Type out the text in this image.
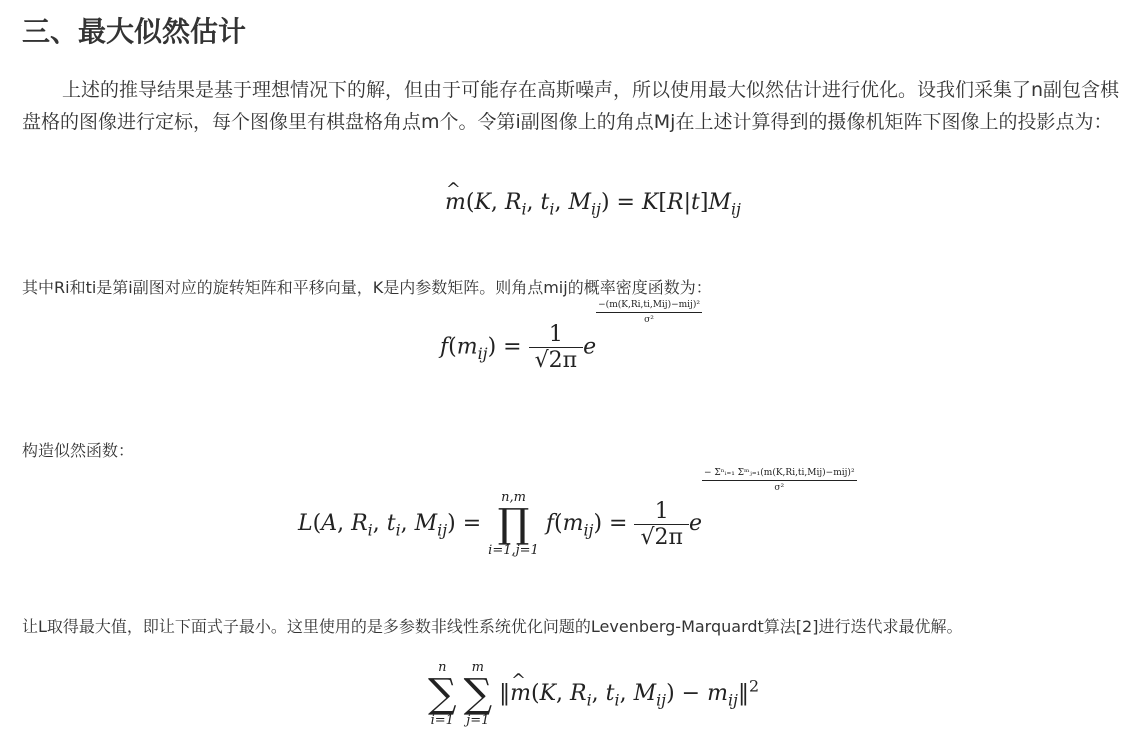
三、最大似然估计

上述的推导结果是基于理想情况下的解，但由于可能存在高斯噪声，所以使用最大似然估计进行优化。设我们采集了n副包含棋盘格的图像进行定标，每个图像里有棋盘格角点m个。令第i副图像上的角点Mj在上述计算得到的摄像机矩阵下图像上的投影点为：

^ m(K, $R_i$, $t_i$, $M_{ij}) = K[R|t]M_{ij}$

其中Ri和ti是第i副图对应的旋转矩阵和平移向量，K是内参数矩阵。则角点mij的概率密度函数为：

$f(m_{ij}) = \frac{1}{√2\pi}$ e
−(m(K,Ri,ti,Mij)−mij)²
σ²

构造似然函数：

L(A, $R_i$, $t_i$, $M_{ij}$) =
n,m
∏
i=1,j=1
$f(m_{ij}) = \frac{1}{√2\pi}$ e
− Σⁿᵢ₌₁ Σᵐⱼ₌₁(m(K,Ri,ti,Mij)−mij)²
σ²

让L取得最大值，即让下面式子最小。这里使用的是多参数非线性系统优化问题的Levenberg-Marquardt算法[2]进行迭代求最优解。

n
∑
i=1

m
∑
j=1
‖^ m(K, $R_i$, $t_i$, $M_{ij}$) − $m_{ij}‖^2$
